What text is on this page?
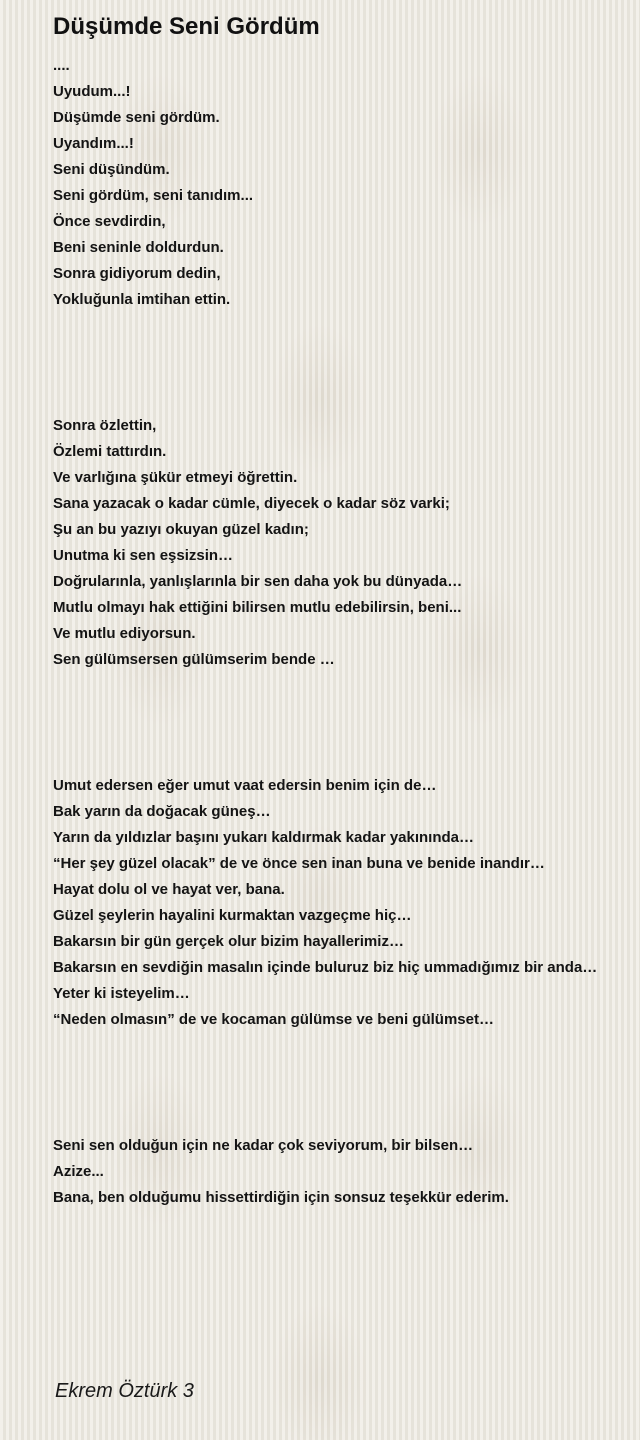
Düşümde Seni Gördüm
....
Uyudum...!
Düşümde seni gördüm.
Uyandım...!
Seni düşündüm.
Seni gördüm, seni tanıdım...
Önce sevdirdin,
Beni seninle doldurdun.
Sonra gidiyorum dedin,
Yokluğunla imtihan ettin.
Sonra özlettin,
Özlemi tattırdın.
Ve varlığına şükür etmeyi öğrettin.
Sana yazacak o kadar cümle, diyecek o kadar söz varki;
Şu an bu yazıyı okuyan güzel kadın;
Unutma ki sen eşsizsin…
Doğrularınla, yanlışlarınla bir sen daha yok bu dünyada…
Mutlu olmayı hak ettiğini bilirsen mutlu edebilirsin, beni...
Ve mutlu ediyorsun.
Sen gülümsersen gülümserim bende …
Umut edersen eğer umut vaat edersin benim için de…
Bak yarın da doğacak güneş…
Yarın da yıldızlar başını yukarı kaldırmak kadar yakınında…
“Her şey güzel olacak” de ve önce sen inan buna ve benide inandır…
Hayat dolu ol ve hayat ver, bana.
Güzel şeylerin hayalini kurmaktan vazgeçme hiç…
Bakarsın bir gün gerçek olur bizim hayallerimiz…
Bakarsın en sevdiğin masalın içinde buluruz biz hiç ummadığımız bir anda…
Yeter ki isteyelim…
“Neden olmasın” de ve kocaman gülümse ve beni gülümset…
Seni sen olduğun için ne kadar çok seviyorum, bir bilsen…
Azize...
Bana, ben olduğumu hissettirdiğin için sonsuz teşekkür ederim.
Ekrem Öztürk 3
